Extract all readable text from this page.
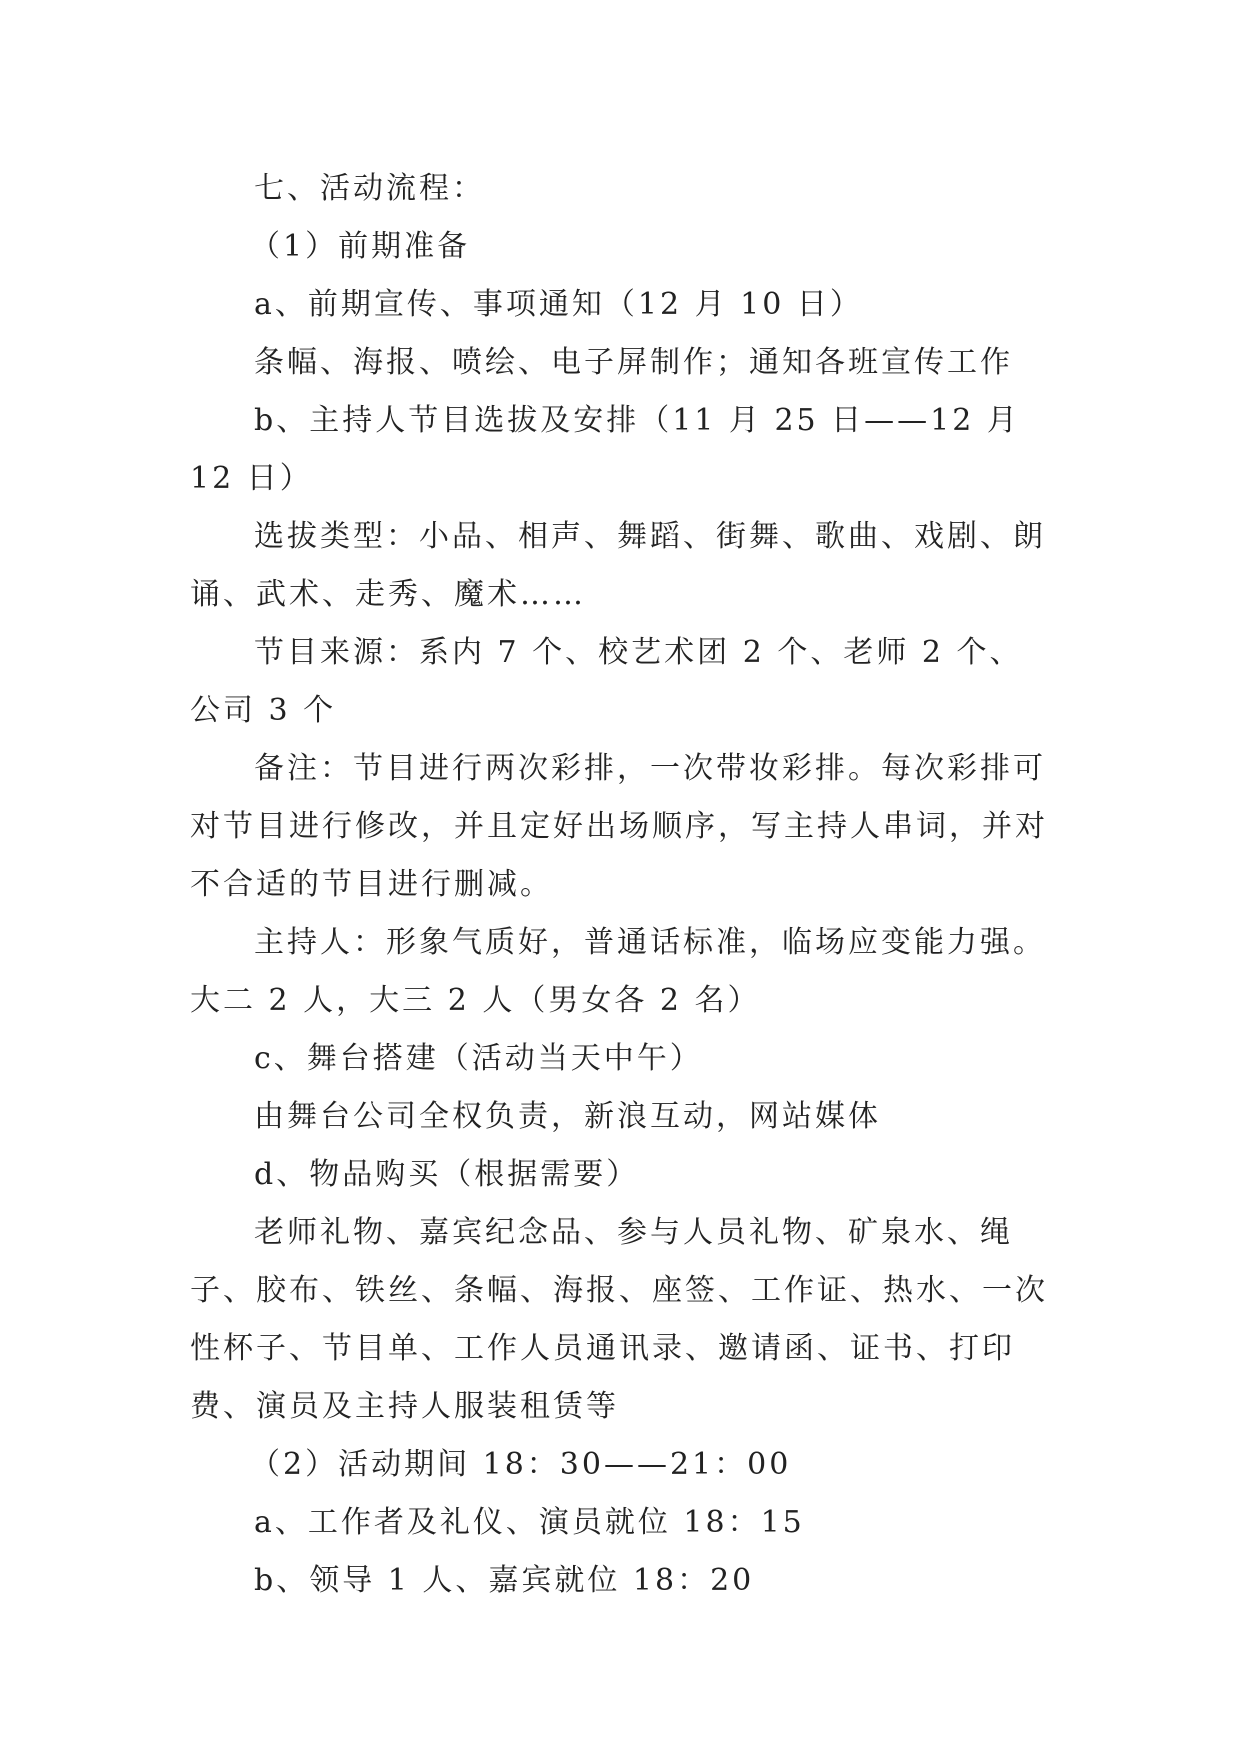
七、活动流程：

（1）前期准备

a、前期宣传、事项通知（12 月 10 日）

条幅、海报、喷绘、电子屏制作；通知各班宣传工作

b、主持人节目选拔及安排（11 月 25 日——12 月 12 日）

选拔类型：小品、相声、舞蹈、街舞、歌曲、戏剧、朗诵、武术、走秀、魔术……

节目来源：系内 7 个、校艺术团 2 个、老师 2 个、公司 3 个

备注：节目进行两次彩排，一次带妆彩排。每次彩排可对节目进行修改，并且定好出场顺序，写主持人串词，并对不合适的节目进行删减。

主持人：形象气质好，普通话标准，临场应变能力强。大二 2 人，大三 2 人（男女各 2 名）

c、舞台搭建（活动当天中午）

由舞台公司全权负责，新浪互动，网站媒体

d、物品购买（根据需要）

老师礼物、嘉宾纪念品、参与人员礼物、矿泉水、绳子、胶布、铁丝、条幅、海报、座签、工作证、热水、一次性杯子、节目单、工作人员通讯录、邀请函、证书、打印费、演员及主持人服装租赁等

（2）活动期间 18：30——21：00

a、工作者及礼仪、演员就位 18：15

b、领导 1 人、嘉宾就位 18：20
